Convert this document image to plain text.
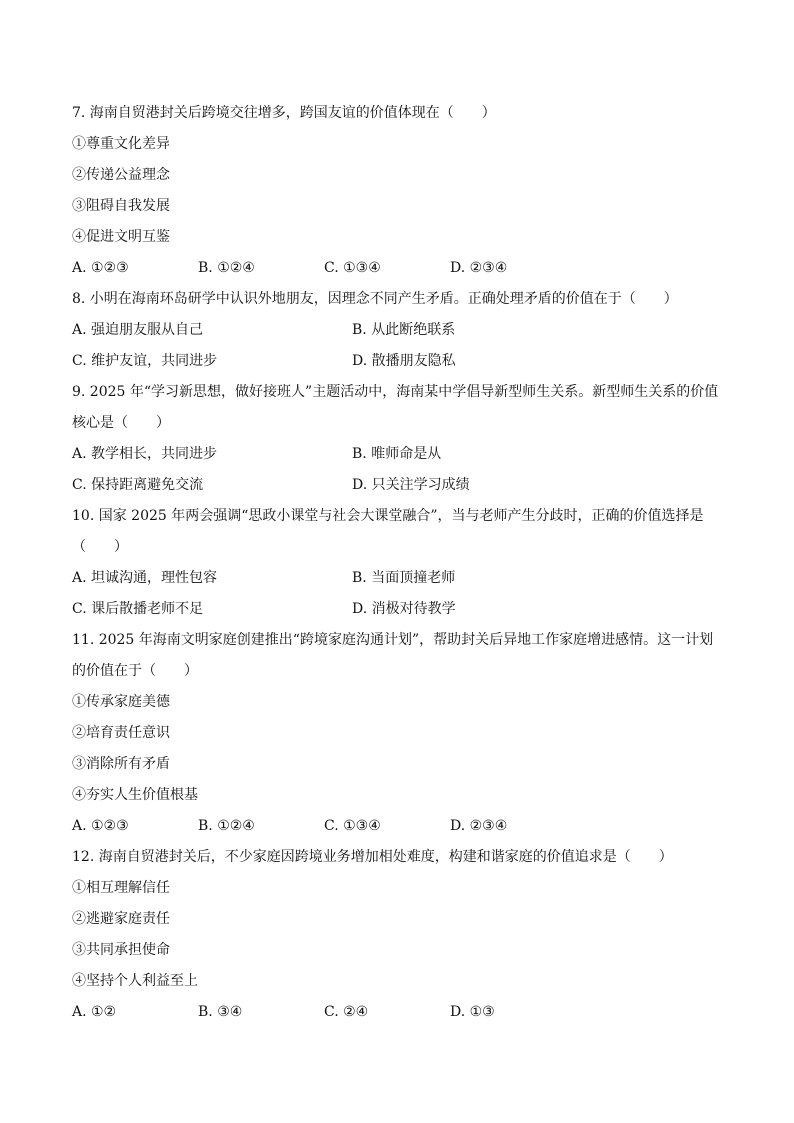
7. 海南自贸港封关后跨境交往增多，跨国友谊的价值体现在（　　）
①尊重文化差异
②传递公益理念
③阻碍自我发展
④促进文明互鉴
A. ①②③	B. ①②④	C. ①③④	D. ②③④
8. 小明在海南环岛研学中认识外地朋友，因理念不同产生矛盾。正确处理矛盾的价值在于（　　）
A. 强迫朋友服从自己	B. 从此断绝联系
C. 维护友谊，共同进步	D. 散播朋友隐私
9. 2025 年“学习新思想，做好接班人”主题活动中，海南某中学倡导新型师生关系。新型师生关系的价值
核心是（　　）
A. 教学相长，共同进步	B. 唯师命是从
C. 保持距离避免交流	D. 只关注学习成绩
10. 国家 2025 年两会强调“思政小课堂与社会大课堂融合”，当与老师产生分歧时，正确的价值选择是
（　　）
A. 坦诚沟通，理性包容	B. 当面顶撞老师
C. 课后散播老师不足	D. 消极对待教学
11. 2025 年海南文明家庭创建推出“跨境家庭沟通计划”，帮助封关后异地工作家庭增进感情。这一计划
的价值在于（　　）
①传承家庭美德
②培育责任意识
③消除所有矛盾
④夯实人生价值根基
A. ①②③	B. ①②④	C. ①③④	D. ②③④
12. 海南自贸港封关后，不少家庭因跨境业务增加相处难度，构建和谐家庭的价值追求是（　　）
①相互理解信任
②逃避家庭责任
③共同承担使命
④坚持个人利益至上
A. ①②	B. ③④	C. ②④	D. ①③
